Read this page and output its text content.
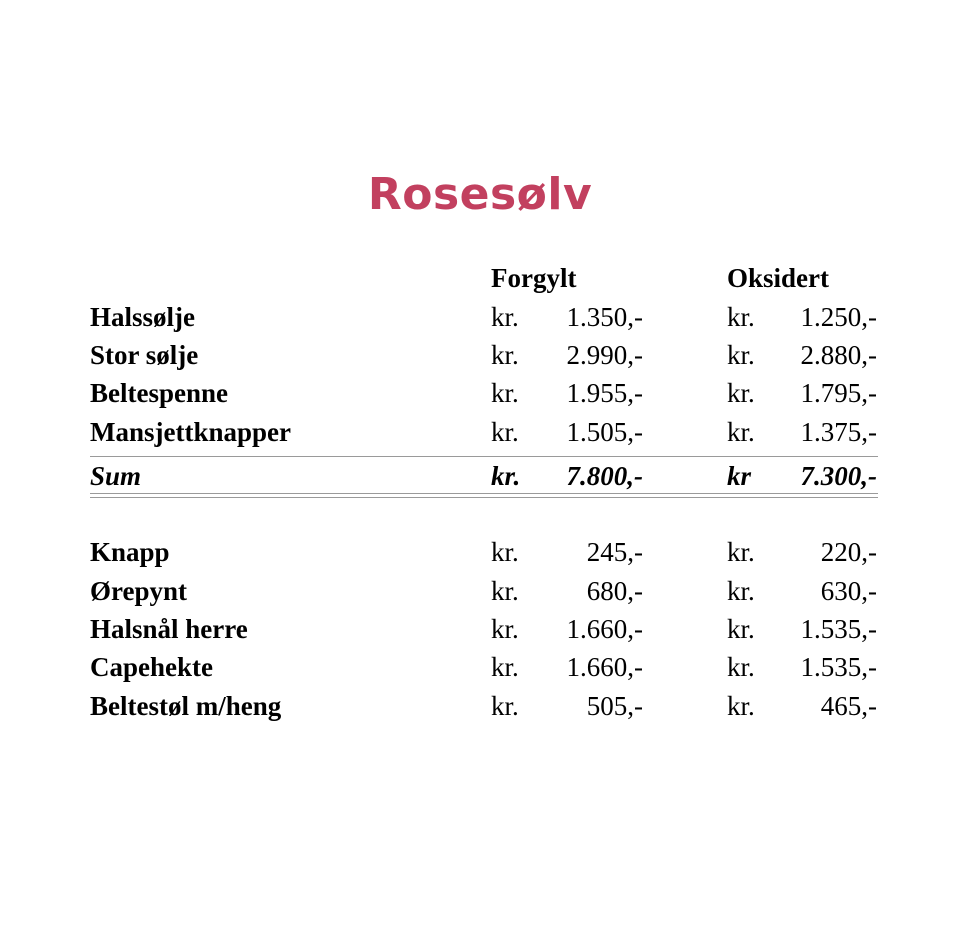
Rosesølv
Forgylt	Oksidert
Halssølje	kr.	1.350,-	kr.	1.250,-
Stor sølje	kr.	2.990,-	kr.	2.880,-
Beltespenne	kr.	1.955,-	kr.	1.795,-
Mansjettknapper	kr.	1.505,-	kr.	1.375,-
Sum	kr.	7.800,-	kr	7.300,-
Knapp	kr.	245,-	kr.	220,-
Ørepynt	kr.	680,-	kr.	630,-
Halsnål herre	kr.	1.660,-	kr.	1.535,-
Capehekte	kr.	1.660,-	kr.	1.535,-
Beltestøl m/heng	kr.	505,-	kr.	465,-
